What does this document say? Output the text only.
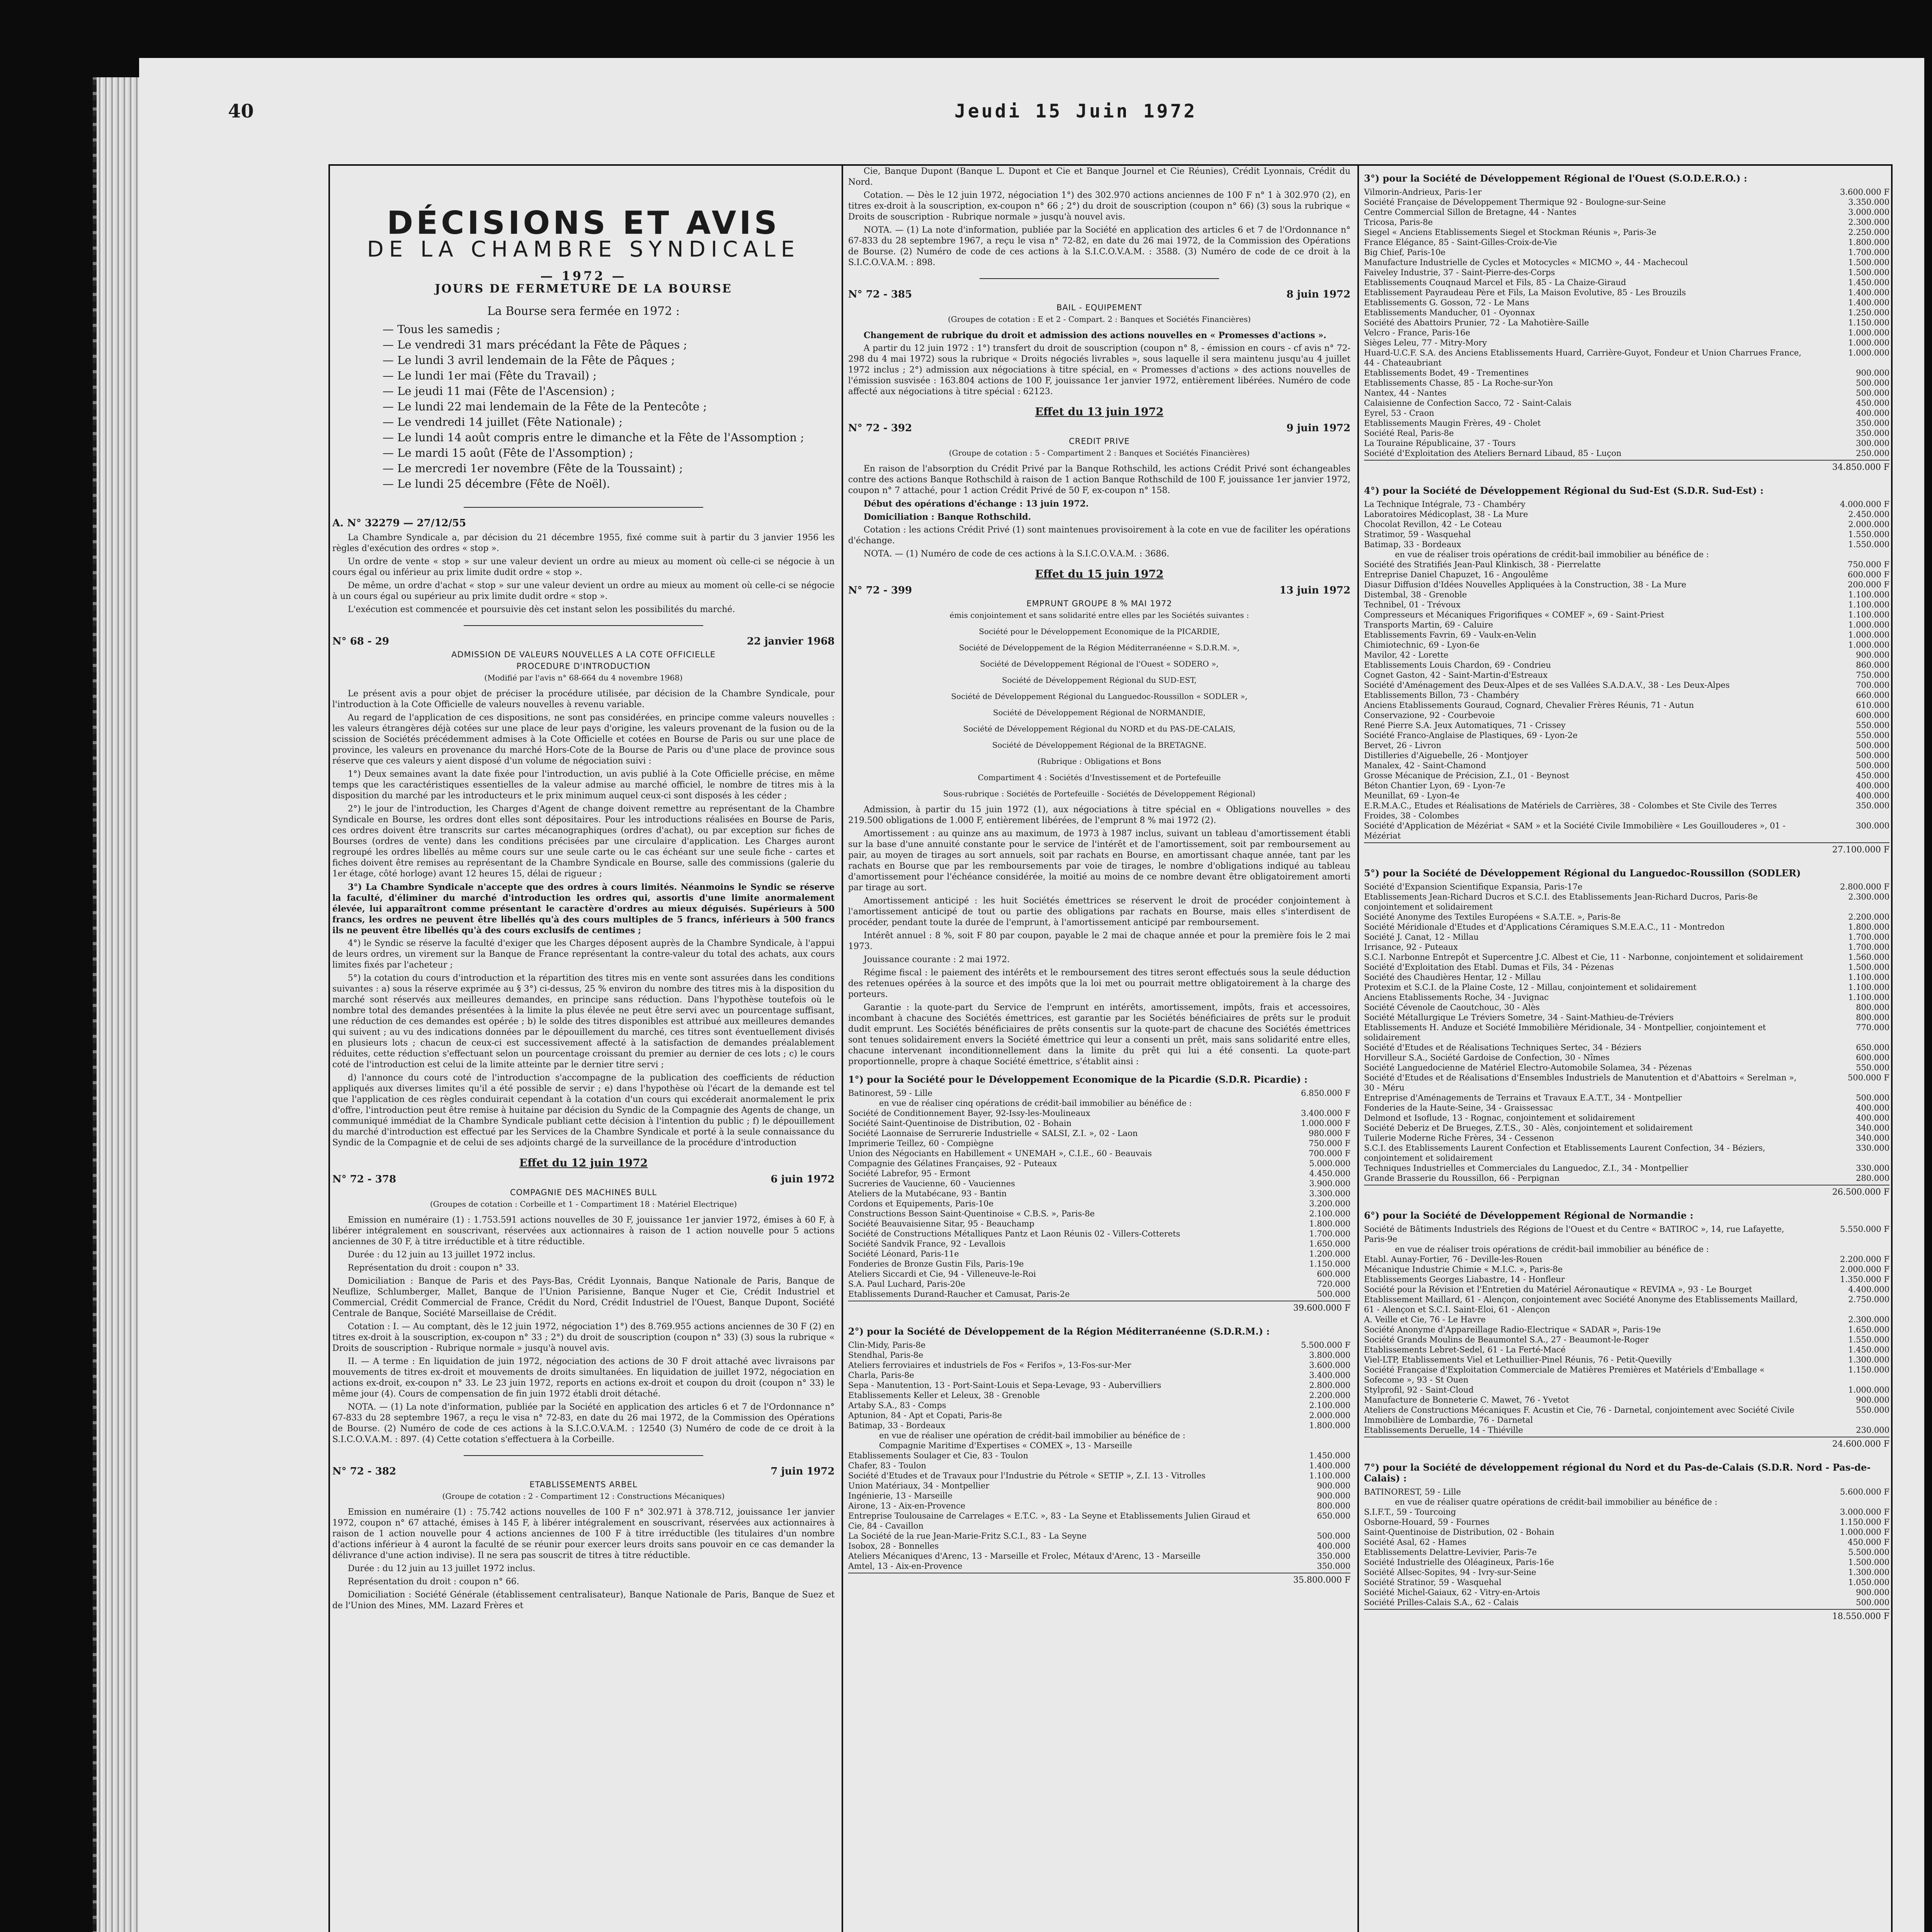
40	Jeudi 15 Juin 1972
DÉCISIONS ET AVIS
DE LA CHAMBRE SYNDICALE
— 1972 —
JOURS DE FERMETURE DE LA BOURSE
La Bourse sera fermée en 1972 :
— Tous les samedis ;
— Le vendredi 31 mars précédant la Fête de Pâques ;
— Le lundi 3 avril lendemain de la Fête de Pâques ;
— Le lundi 1er mai (Fête du Travail) ;
— Le jeudi 11 mai (Fête de l'Ascension) ;
— Le lundi 22 mai lendemain de la Fête de la Pentecôte ;
— Le vendredi 14 juillet (Fête Nationale) ;
— Le lundi 14 août compris entre le dimanche et la Fête de l'Assomption ;
— Le mardi 15 août (Fête de l'Assomption) ;
— Le mercredi 1er novembre (Fête de la Toussaint) ;
— Le lundi 25 décembre (Fête de Noël).
A. N° 32279 — 27/12/55

La Chambre Syndicale a, par décision du 21 décembre 1955, fixé comme suit à partir du 3 janvier 1956 les règles d'exécution des ordres « stop ».

Un ordre de vente « stop » sur une valeur devient un ordre au mieux au moment où celle-ci se négocie à un cours égal ou inférieur au prix limite dudit ordre « stop ».

De même, un ordre d'achat « stop » sur une valeur devient un ordre au mieux au moment où celle-ci se négocie à un cours égal ou supérieur au prix limite dudit ordre « stop ».

L'exécution est commencée et poursuivie dès cet instant selon les possibilités du marché.

N° 68 - 29	22 janvier 1968
ADMISSION DE VALEURS NOUVELLES A LA COTE OFFICIELLE
PROCEDURE D'INTRODUCTION
(Modifié par l'avis n° 68-664 du 4 novembre 1968)

Le présent avis a pour objet de préciser la procédure utilisée, par décision de la Chambre Syndicale, pour l'introduction à la Cote Officielle de valeurs nouvelles à revenu variable.

Au regard de l'application de ces dispositions, ne sont pas considérées, en principe comme valeurs nouvelles : les valeurs étrangères déjà cotées sur une place de leur pays d'origine, les valeurs provenant de la fusion ou de la scission de Sociétés précédemment admises à la Cote Officielle et cotées en Bourse de Paris ou sur une place de province, les valeurs en provenance du marché Hors-Cote de la Bourse de Paris ou d'une place de province sous réserve que ces valeurs y aient disposé d'un volume de négociation suivi :

1°) Deux semaines avant la date fixée pour l'introduction, un avis publié à la Cote Officielle précise, en même temps que les caractéristiques essentielles de la valeur admise au marché officiel, le nombre de titres mis à la disposition du marché par les introducteurs et le prix minimum auquel ceux-ci sont disposés à les céder ;

2°) le jour de l'introduction, les Charges d'Agent de change doivent remettre au représentant de la Chambre Syndicale en Bourse, les ordres dont elles sont dépositaires. Pour les introductions réalisées en Bourse de Paris, ces ordres doivent être transcrits sur cartes mécanographiques (ordres d'achat), ou par exception sur fiches de Bourses (ordres de vente) dans les conditions précisées par une circulaire d'application. Les Charges auront regroupé les ordres libellés au même cours sur une seule carte ou le cas échéant sur une seule fiche - cartes et fiches doivent être remises au représentant de la Chambre Syndicale en Bourse, salle des commissions (galerie du 1er étage, côté horloge) avant 12 heures 15, délai de rigueur ;

3°) La Chambre Syndicale n'accepte que des ordres à cours limités. Néanmoins le Syndic se réserve la faculté, d'éliminer du marché d'introduction les ordres qui, assortis d'une limite anormalement élevée, lui apparaîtront comme présentant le caractère d'ordres au mieux déguisés. Supérieurs à 500 francs, les ordres ne peuvent être libellés qu'à des cours multiples de 5 francs, inférieurs à 500 francs ils ne peuvent être libellés qu'à des cours exclusifs de centimes ;

4°) le Syndic se réserve la faculté d'exiger que les Charges déposent auprès de la Chambre Syndicale, à l'appui de leurs ordres, un virement sur la Banque de France représentant la contre-valeur du total des achats, aux cours limites fixés par l'acheteur ;

5°) la cotation du cours d'introduction et la répartition des titres mis en vente sont assurées dans les conditions suivantes : a) sous la réserve exprimée au § 3°) ci-dessus, 25 % environ du nombre des titres mis à la disposition du marché sont réservés aux meilleures demandes, en principe sans réduction. Dans l'hypothèse toutefois où le nombre total des demandes présentées à la limite la plus élevée ne peut être servi avec un pourcentage suffisant, une réduction de ces demandes est opérée ; b) le solde des titres disponibles est attribué aux meilleures demandes qui suivent ; au vu des indications données par le dépouillement du marché, ces titres sont éventuellement divisés en plusieurs lots ; chacun de ceux-ci est successivement affecté à la satisfaction de demandes préalablement réduites, cette réduction s'effectuant selon un pourcentage croissant du premier au dernier de ces lots ; c) le cours coté de l'introduction est celui de la limite atteinte par le dernier titre servi ;

d) l'annonce du cours coté de l'introduction s'accompagne de la publication des coefficients de réduction appliqués aux diverses limites qu'il a été possible de servir ; e) dans l'hypothèse où l'écart de la demande est tel que l'application de ces règles conduirait cependant à la cotation d'un cours qui excéderait anormalement le prix d'offre, l'introduction peut être remise à huitaine par décision du Syndic de la Compagnie des Agents de change, un communiqué immédiat de la Chambre Syndicale publiant cette décision à l'intention du public ; f) le dépouillement du marché d'introduction est effectué par les Services de la Chambre Syndicale et porté à la seule connaissance du Syndic de la Compagnie et de celui de ses adjoints chargé de la surveillance de la procédure d'introduction

Effet du 12 juin 1972
N° 72 - 378	6 juin 1972
COMPAGNIE DES MACHINES BULL
(Groupes de cotation : Corbeille et 1 - Compartiment 18 : Matériel Electrique)

Emission en numéraire (1) : 1.753.591 actions nouvelles de 30 F, jouissance 1er janvier 1972, émises à 60 F, à libérer intégralement en souscrivant, réservées aux actionnaires à raison de 1 action nouvelle pour 5 actions anciennes de 30 F, à titre irréductible et à titre réductible.

Durée : du 12 juin au 13 juillet 1972 inclus.

Représentation du droit : coupon n° 33.

Domiciliation : Banque de Paris et des Pays-Bas, Crédit Lyonnais, Banque Nationale de Paris, Banque de Neuflize, Schlumberger, Mallet, Banque de l'Union Parisienne, Banque Nuger et Cie, Crédit Industriel et Commercial, Crédit Commercial de France, Crédit du Nord, Crédit Industriel de l'Ouest, Banque Dupont, Société Centrale de Banque, Société Marseillaise de Crédit.

Cotation : I. — Au comptant, dès le 12 juin 1972, négociation 1°) des 8.769.955 actions anciennes de 30 F (2) en titres ex-droit à la souscription, ex-coupon n° 33 ; 2°) du droit de souscription (coupon n° 33) (3) sous la rubrique « Droits de souscription - Rubrique normale » jusqu'à nouvel avis.

II. — A terme : En liquidation de juin 1972, négociation des actions de 30 F droit attaché avec livraisons par mouvements de titres ex-droit et mouvements de droits simultanées. En liquidation de juillet 1972, négociation en actions ex-droit, ex-coupon n° 33. Le 23 juin 1972, reports en actions ex-droit et coupon du droit (coupon n° 33) le même jour (4). Cours de compensation de fin juin 1972 établi droit détaché.

NOTA. — (1) La note d'information, publiée par la Société en application des articles 6 et 7 de l'Ordonnance n° 67-833 du 28 septembre 1967, a reçu le visa n° 72-83, en date du 26 mai 1972, de la Commission des Opérations de Bourse. (2) Numéro de code de ces actions à la S.I.C.O.V.A.M. : 12540 (3) Numéro de code de ce droit à la S.I.C.O.V.A.M. : 897. (4) Cette cotation s'effectuera à la Corbeille.

N° 72 - 382	7 juin 1972
ETABLISSEMENTS ARBEL
(Groupe de cotation : 2 - Compartiment 12 : Constructions Mécaniques)

Emission en numéraire (1) : 75.742 actions nouvelles de 100 F n° 302.971 à 378.712, jouissance 1er janvier 1972, coupon n° 67 attaché, émises à 145 F, à libérer intégralement en souscrivant, réservées aux actionnaires à raison de 1 action nouvelle pour 4 actions anciennes de 100 F à titre irréductible (les titulaires d'un nombre d'actions inférieur à 4 auront la faculté de se réunir pour exercer leurs droits sans pouvoir en ce cas demander la délivrance d'une action indivise). Il ne sera pas souscrit de titres à titre réductible.

Durée : du 12 juin au 13 juillet 1972 inclus.

Représentation du droit : coupon n° 66.

Domiciliation : Société Générale (établissement centralisateur), Banque Nationale de Paris, Banque de Suez et de l'Union des Mines, MM. Lazard Frères et

Cie, Banque Dupont (Banque L. Dupont et Cie et Banque Journel et Cie Réunies), Crédit Lyonnais, Crédit du Nord.

Cotation. — Dès le 12 juin 1972, négociation 1°) des 302.970 actions anciennes de 100 F n° 1 à 302.970 (2), en titres ex-droit à la souscription, ex-coupon n° 66 ; 2°) du droit de souscription (coupon n° 66) (3) sous la rubrique « Droits de souscription - Rubrique normale » jusqu'à nouvel avis.

NOTA. — (1) La note d'information, publiée par la Société en application des articles 6 et 7 de l'Ordonnance n° 67-833 du 28 septembre 1967, a reçu le visa n° 72-82, en date du 26 mai 1972, de la Commission des Opérations de Bourse. (2) Numéro de code de ces actions à la S.I.C.O.V.A.M. : 3588. (3) Numéro de code de ce droit à la S.I.C.O.V.A.M. : 898.

N° 72 - 385	8 juin 1972
BAIL - EQUIPEMENT
(Groupes de cotation : E et 2 - Compart. 2 : Banques et Sociétés Financières)

Changement de rubrique du droit et admission des actions nouvelles en « Promesses d'actions ».

A partir du 12 juin 1972 : 1°) transfert du droit de souscription (coupon n° 8, - émission en cours - cf avis n° 72-298 du 4 mai 1972) sous la rubrique « Droits négociés livrables », sous laquelle il sera maintenu jusqu'au 4 juillet 1972 inclus ; 2°) admission aux négociations à titre spécial, en « Promesses d'actions » des actions nouvelles de l'émission susvisée : 163.804 actions de 100 F, jouissance 1er janvier 1972, entièrement libérées. Numéro de code affecté aux négociations à titre spécial : 62123.

Effet du 13 juin 1972
N° 72 - 392	9 juin 1972
CREDIT PRIVE
(Groupe de cotation : 5 - Compartiment 2 : Banques et Sociétés Financières)

En raison de l'absorption du Crédit Privé par la Banque Rothschild, les actions Crédit Privé sont échangeables contre des actions Banque Rothschild à raison de 1 action Banque Rothschild de 100 F, jouissance 1er janvier 1972, coupon n° 7 attaché, pour 1 action Crédit Privé de 50 F, ex-coupon n° 158.

Début des opérations d'échange : 13 juin 1972.

Domiciliation : Banque Rothschild.

Cotation : les actions Crédit Privé (1) sont maintenues provisoirement à la cote en vue de faciliter les opérations d'échange.

NOTA. — (1) Numéro de code de ces actions à la S.I.C.O.V.A.M. : 3686.

Effet du 15 juin 1972
N° 72 - 399	13 juin 1972
EMPRUNT GROUPE 8 % MAI 1972
émis conjointement et sans solidarité entre elles par les Sociétés suivantes :
Société pour le Développement Economique de la PICARDIE,
Société de Développement de la Région Méditerranéenne « S.D.R.M. »,
Société de Développement Régional de l'Ouest « SODERO »,
Société de Développement Régional du SUD-EST,
Société de Développement Régional du Languedoc-Roussillon « SODLER »,
Société de Développement Régional de NORMANDIE,
Société de Développement Régional du NORD et du PAS-DE-CALAIS,
Société de Développement Régional de la BRETAGNE.
(Rubrique : Obligations et Bons
Compartiment 4 : Sociétés d'Investissement et de Portefeuille
Sous-rubrique : Sociétés de Portefeuille - Sociétés de Développement Régional)

Admission, à partir du 15 juin 1972 (1), aux négociations à titre spécial en « Obligations nouvelles » des 219.500 obligations de 1.000 F, entièrement libérées, de l'emprunt 8 % mai 1972 (2).

Amortissement : au quinze ans au maximum, de 1973 à 1987 inclus, suivant un tableau d'amortissement établi sur la base d'une annuité constante pour le service de l'intérêt et de l'amortissement, soit par remboursement au pair, au moyen de tirages au sort annuels, soit par rachats en Bourse, en amortissant chaque année, tant par les rachats en Bourse que par les remboursements par voie de tirages, le nombre d'obligations indiqué au tableau d'amortissement pour l'échéance considérée, la moitié au moins de ce nombre devant être obligatoirement amorti par tirage au sort.

Amortissement anticipé : les huit Sociétés émettrices se réservent le droit de procéder conjointement à l'amortissement anticipé de tout ou partie des obligations par rachats en Bourse, mais elles s'interdisent de procéder, pendant toute la durée de l'emprunt, à l'amortissement anticipé par remboursement.

Intérêt annuel : 8 %, soit F 80 par coupon, payable le 2 mai de chaque année et pour la première fois le 2 mai 1973.

Jouissance courante : 2 mai 1972.

Régime fiscal : le paiement des intérêts et le remboursement des titres seront effectués sous la seule déduction des retenues opérées à la source et des impôts que la loi met ou pourrait mettre obligatoirement à la charge des porteurs.

Garantie : la quote-part du Service de l'emprunt en intérêts, amortissement, impôts, frais et accessoires, incombant à chacune des Sociétés émettrices, est garantie par les Sociétés bénéficiaires de prêts sur le produit dudit emprunt. Les Sociétés bénéficiaires de prêts consentis sur la quote-part de chacune des Sociétés émettrices sont tenues solidairement envers la Société émettrice qui leur a consenti un prêt, mais sans solidarité entre elles, chacune intervenant inconditionnellement dans la limite du prêt qui lui a été consenti. La quote-part proportionnelle, propre à chaque Société émettrice, s'établit ainsi :

1°) pour la Société pour le Développement Economique de la Picardie (S.D.R. Picardie) :
Batinorest, 59 - Lille	6.850.000 F
en vue de réaliser cinq opérations de crédit-bail immobilier au bénéfice de :
Société de Conditionnement Bayer, 92-Issy-les-Moulineaux	3.400.000 F
Société Saint-Quentinoise de Distribution, 02 - Bohain	1.000.000 F
Société Laonnaise de Serrurerie Industrielle « SALSI, Z.I. », 02 - Laon	980.000 F
Imprimerie Teillez, 60 - Compiègne	750.000 F
Union des Négociants en Habillement « UNEMAH », C.I.E., 60 - Beauvais	700.000 F
Compagnie des Gélatines Françaises, 92 - Puteaux	5.000.000
Société Labrefor, 95 - Ermont	4.450.000
Sucreries de Vaucienne, 60 - Vauciennes	3.900.000
Ateliers de la Mutabécane, 93 - Bantin	3.300.000
Cordons et Equipements, Paris-10e	3.200.000
Constructions Besson Saint-Quentinoise « C.B.S. », Paris-8e	2.100.000
Société Beauvaisienne Sitar, 95 - Beauchamp	1.800.000
Société de Constructions Métalliques Pantz et Laon Réunis 02 - Villers-Cotterets	1.700.000
Société Sandvik France, 92 - Levallois	1.650.000
Société Léonard, Paris-11e	1.200.000
Fonderies de Bronze Gustin Fils, Paris-19e	1.150.000
Ateliers Siccardi et Cie, 94 - Villeneuve-le-Roi	600.000
S.A. Paul Luchard, Paris-20e	720.000
Etablissements Durand-Raucher et Camusat, Paris-2e	500.000
39.600.000 F
2°) pour la Société de Développement de la Région Méditerranéenne (S.D.R.M.) :
Clin-Midy, Paris-8e	5.500.000 F
Stendhal, Paris-8e	3.800.000
Ateliers ferroviaires et industriels de Fos « Ferifos », 13-Fos-sur-Mer	3.600.000
Charla, Paris-8e	3.400.000
Sepa - Manutention, 13 - Port-Saint-Louis et Sepa-Levage, 93 - Aubervilliers	2.800.000
Etablissements Keller et Leleux, 38 - Grenoble	2.200.000
Artaby S.A., 83 - Comps	2.100.000
Aptunion, 84 - Apt et Copati, Paris-8e	2.000.000
Batimap, 33 - Bordeaux	1.800.000
en vue de réaliser une opération de crédit-bail immobilier au bénéfice de :
Compagnie Maritime d'Expertises « COMEX », 13 - Marseille
Etablissements Soulager et Cie, 83 - Toulon	1.450.000
Chafer, 83 - Toulon	1.400.000
Société d'Etudes et de Travaux pour l'Industrie du Pétrole « SETIP », Z.I. 13 - Vitrolles	1.100.000
Union Matériaux, 34 - Montpellier	900.000
Ingénierie, 13 - Marseille	900.000
Airone, 13 - Aix-en-Provence	800.000
Entreprise Toulousaine de Carrelages « E.T.C. », 83 - La Seyne et Etablissements Julien Giraud et Cie, 84 - Cavaillon
650.000
La Société de la rue Jean-Marie-Fritz S.C.I., 83 - La Seyne	500.000
Isobox, 28 - Bonnelles	400.000
Ateliers Mécaniques d'Arenc, 13 - Marseille et Frolec, Métaux d'Arenc, 13 - Marseille	350.000
Amtel, 13 - Aix-en-Provence	350.000
35.800.000 F
3°) pour la Société de Développement Régional de l'Ouest (S.O.D.E.R.O.) :
Vilmorin-Andrieux, Paris-1er	3.600.000 F
Société Française de Développement Thermique 92 - Boulogne-sur-Seine	3.350.000
Centre Commercial Sillon de Bretagne, 44 - Nantes	3.000.000
Tricosa, Paris-8e	2.300.000
Siegel « Anciens Etablissements Siegel et Stockman Réunis », Paris-3e	2.250.000
France Elégance, 85 - Saint-Gilles-Croix-de-Vie	1.800.000
Big Chief, Paris-10e	1.700.000
Manufacture Industrielle de Cycles et Motocycles « MICMO », 44 - Machecoul	1.500.000
Faiveley Industrie, 37 - Saint-Pierre-des-Corps	1.500.000
Etablissements Couqnaud Marcel et Fils, 85 - La Chaize-Giraud	1.450.000
Etablissement Payraudeau Père et Fils, La Maison Evolutive, 85 - Les Brouzils	1.400.000
Etablissements G. Gosson, 72 - Le Mans	1.400.000
Etablissements Manducher, 01 - Oyonnax	1.250.000
Société des Abattoirs Prunier, 72 - La Mahotière-Saille	1.150.000
Velcro - France, Paris-16e	1.000.000
Sièges Leleu, 77 - Mitry-Mory	1.000.000
Huard-U.C.F. S.A. des Anciens Etablissements Huard, Carrière-Guyot, Fondeur et Union Charrues France, 44 - Chateaubriant
1.000.000
Etablissements Bodet, 49 - Trementines	900.000
Etablissements Chasse, 85 - La Roche-sur-Yon	500.000
Nantex, 44 - Nantes	500.000
Calaisienne de Confection Sacco, 72 - Saint-Calais	450.000
Eyrel, 53 - Craon	400.000
Etablissements Maugin Frères, 49 - Cholet	350.000
Société Real, Paris-8e	350.000
La Touraine Républicaine, 37 - Tours	300.000
Société d'Exploitation des Ateliers Bernard Libaud, 85 - Luçon	250.000
34.850.000 F
4°) pour la Société de Développement Régional du Sud-Est (S.D.R. Sud-Est) :
La Technique Intégrale, 73 - Chambéry	4.000.000 F
Laboratoires Médicoplast, 38 - La Mure	2.450.000
Chocolat Revillon, 42 - Le Coteau	2.000.000
Stratimor, 59 - Wasquehal	1.550.000
Batimap, 33 - Bordeaux	1.550.000
en vue de réaliser trois opérations de crédit-bail immobilier au bénéfice de :
Société des Stratifiés Jean-Paul Klinkisch, 38 - Pierrelatte	750.000 F
Entreprise Daniel Chapuzet, 16 - Angoulême	600.000 F
Diasur Diffusion d'Idées Nouvelles Appliquées à la Construction, 38 - La Mure	200.000 F
Distembal, 38 - Grenoble	1.100.000
Technibel, 01 - Trévoux	1.100.000
Compresseurs et Mécaniques Frigorifiques « COMEF », 69 - Saint-Priest	1.100.000
Transports Martin, 69 - Caluire	1.000.000
Etablissements Favrin, 69 - Vaulx-en-Velin	1.000.000
Chimiotechnic, 69 - Lyon-6e	1.000.000
Mavilor, 42 - Lorette	900.000
Etablissements Louis Chardon, 69 - Condrieu	860.000
Cognet Gaston, 42 - Saint-Martin-d'Estreaux	750.000
Société d'Aménagement des Deux-Alpes et de ses Vallées S.A.D.A.V., 38 - Les Deux-Alpes	700.000
Etablissements Billon, 73 - Chambéry	660.000
Anciens Etablissements Gouraud, Cognard, Chevalier Frères Réunis, 71 - Autun	610.000
Conservazione, 92 - Courbevoie	600.000
René Pierre S.A. Jeux Automatiques, 71 - Crissey	550.000
Société Franco-Anglaise de Plastiques, 69 - Lyon-2e	550.000
Bervet, 26 - Livron	500.000
Distilleries d'Aiguebelle, 26 - Montjoyer	500.000
Manalex, 42 - Saint-Chamond	500.000
Grosse Mécanique de Précision, Z.I., 01 - Beynost	450.000
Béton Chantier Lyon, 69 - Lyon-7e	400.000
Meunillat, 69 - Lyon-4e	400.000
E.R.M.A.C., Etudes et Réalisations de Matériels de Carrières, 38 - Colombes et Ste Civile des Terres Froides, 38 - Colombes
350.000
Société d'Application de Mézériat « SAM » et la Société Civile Immobilière « Les Gouillouderes », 01 - Mézériat
300.000
27.100.000 F
5°) pour la Société de Développement Régional du Languedoc-Roussillon (SODLER)
Société d'Expansion Scientifique Expansia, Paris-17e	2.800.000 F
Etablissements Jean-Richard Ducros et S.C.I. des Etablissements Jean-Richard Ducros, Paris-8e conjointement et solidairement
2.300.000
Société Anonyme des Textiles Européens « S.A.T.E. », Paris-8e	2.200.000
Société Méridionale d'Etudes et d'Applications Céramiques S.M.E.A.C., 11 - Montredon	1.800.000
Société J. Canat, 12 - Millau	1.700.000
Irrisance, 92 - Puteaux	1.700.000
S.C.I. Narbonne Entrepôt et Supercentre J.C. Albest et Cie, 11 - Narbonne, conjointement et solidairement	1.560.000
Société d'Exploitation des Etabl. Dumas et Fils, 34 - Pézenas	1.500.000
Société des Chaudières Hentar, 12 - Millau	1.100.000
Protexim et S.C.I. de la Plaine Coste, 12 - Millau, conjointement et solidairement	1.100.000
Anciens Etablissements Roche, 34 - Juvignac	1.100.000
Société Cévenole de Caoutchouc, 30 - Alès	800.000
Société Métallurgique Le Tréviers Sometre, 34 - Saint-Mathieu-de-Tréviers	800.000
Etablissements H. Anduze et Société Immobilière Méridionale, 34 - Montpellier, conjointement et solidairement
770.000
Société d'Etudes et de Réalisations Techniques Sertec, 34 - Béziers	650.000
Horvilleur S.A., Société Gardoise de Confection, 30 - Nîmes	600.000
Société Languedocienne de Matériel Electro-Automobile Solamea, 34 - Pézenas	550.000
Société d'Etudes et de Réalisations d'Ensembles Industriels de Manutention et d'Abattoirs « Serelman », 30 - Méru
500.000 F
Entreprise d'Aménagements de Terrains et Travaux E.A.T.T., 34 - Montpellier	500.000
Fonderies de la Haute-Seine, 34 - Graissessac	400.000
Delmond et Isoflude, 13 - Rognac, conjointement et solidairement	400.000
Société Deberiz et De Brueges, Z.T.S., 30 - Alès, conjointement et solidairement	340.000
Tuilerie Moderne Riche Frères, 34 - Cessenon	340.000
S.C.I. des Etablissements Laurent Confection et Etablissements Laurent Confection, 34 - Béziers, conjointement et solidairement
330.000
Techniques Industrielles et Commerciales du Languedoc, Z.I., 34 - Montpellier	330.000
Grande Brasserie du Roussillon, 66 - Perpignan	280.000
26.500.000 F
6°) pour la Société de Développement Régional de Normandie :
Société de Bâtiments Industriels des Régions de l'Ouest et du Centre « BATIROC », 14, rue Lafayette, Paris-9e
5.550.000 F
en vue de réaliser trois opérations de crédit-bail immobilier au bénéfice de :
Etabl. Aunay-Fortier, 76 - Deville-les-Rouen	2.200.000 F
Mécanique Industrie Chimie « M.I.C. », Paris-8e	2.000.000 F
Etablissements Georges Liabastre, 14 - Honfleur	1.350.000 F
Société pour la Révision et l'Entretien du Matériel Aéronautique « REVIMA », 93 - Le Bourget	4.400.000
Etablissement Maillard, 61 - Alençon, conjointement avec Société Anonyme des Etablissements Maillard, 61 - Alençon et S.C.I. Saint-Eloi, 61 - Alençon
2.750.000
A. Veille et Cie, 76 - Le Havre	2.300.000
Société Anonyme d'Appareillage Radio-Electrique « SADAR », Paris-19e	1.650.000
Société Grands Moulins de Beaumontel S.A., 27 - Beaumont-le-Roger	1.550.000
Etablissements Lebret-Sedel, 61 - La Ferté-Macé	1.450.000
Viel-LTP, Etablissements Viel et Lethuillier-Pinel Réunis, 76 - Petit-Quevilly	1.300.000
Société Française d'Exploitation Commerciale de Matières Premières et Matériels d'Emballage « Sofecome », 93 - St Ouen
1.150.000
Stylprofil, 92 - Saint-Cloud	1.000.000
Manufacture de Bonneterie C. Mawet, 76 - Yvetot	900.000
Ateliers de Constructions Mécaniques F. Acustin et Cie, 76 - Darnetal, conjointement avec Société Civile Immobilière de Lombardie, 76 - Darnetal
550.000
Etablissements Deruelle, 14 - Thiéville	230.000
24.600.000 F
7°) pour la Société de développement régional du Nord et du Pas-de-Calais (S.D.R. Nord - Pas-de-Calais) :
BATINOREST, 59 - Lille	5.600.000 F
en vue de réaliser quatre opérations de crédit-bail immobilier au bénéfice de :
S.I.F.T., 59 - Tourcoing	3.000.000 F
Osborne-Houard, 59 - Fournes	1.150.000 F
Saint-Quentinoise de Distribution, 02 - Bohain	1.000.000 F
Société Asal, 62 - Hames	450.000 F
Etablissements Delattre-Levivier, Paris-7e	5.500.000
Société Industrielle des Oléagineux, Paris-16e	1.500.000
Société Allsec-Sopites, 94 - Ivry-sur-Seine	1.300.000
Société Stratinor, 59 - Wasquehal	1.050.000
Société Michel-Gaiaux, 62 - Vitry-en-Artois	900.000
Société Prilles-Calais S.A., 62 - Calais	500.000
18.550.000 F
